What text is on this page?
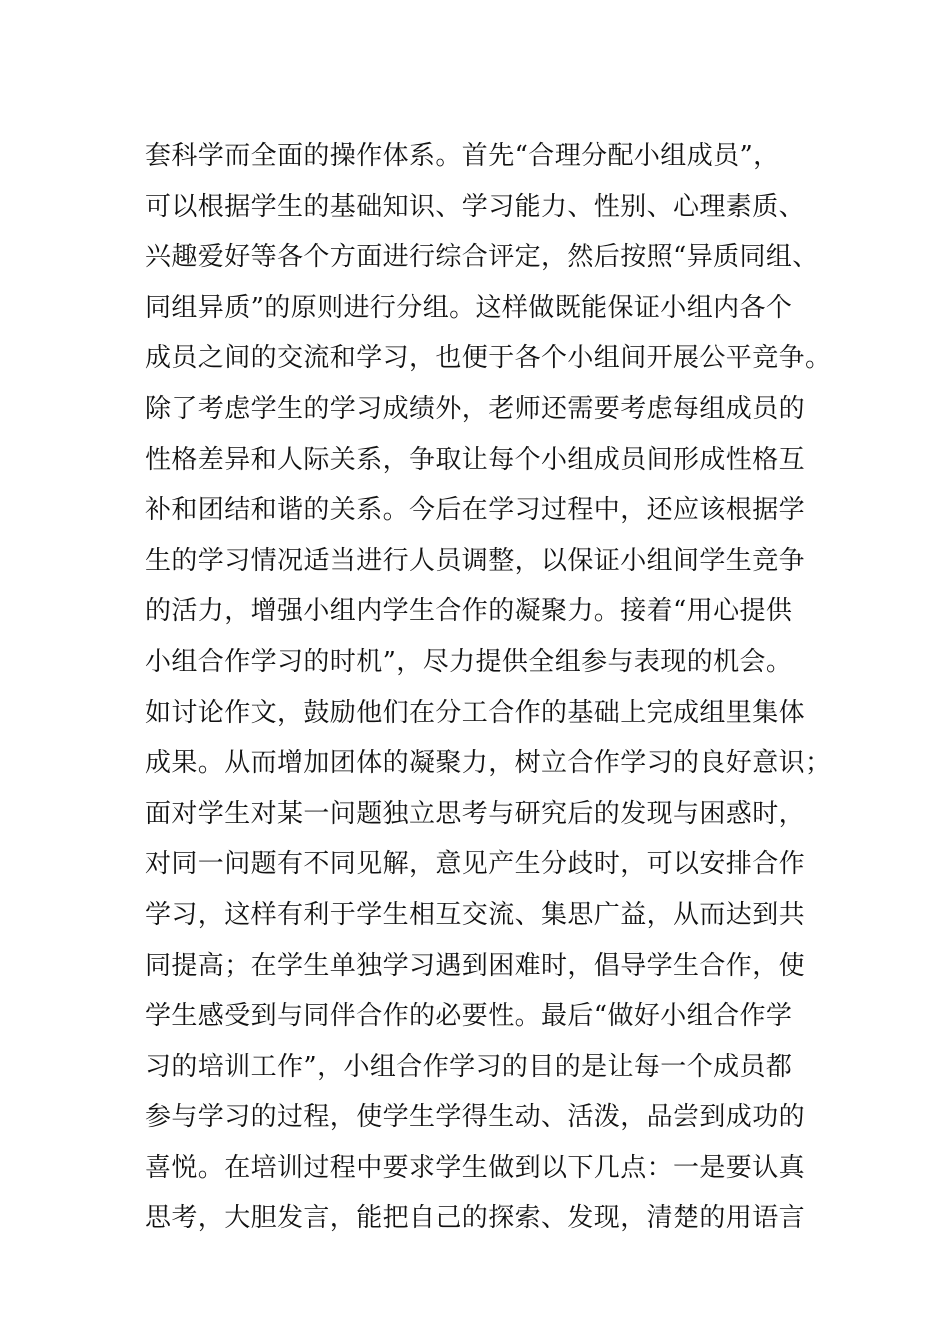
套科学而全面的操作体系。首先“合理分配小组成员”，
可以根据学生的基础知识、学习能力、性别、心理素质、
兴趣爱好等各个方面进行综合评定，然后按照“异质同组、
同组异质”的原则进行分组。这样做既能保证小组内各个
成员之间的交流和学习，也便于各个小组间开展公平竞争。
除了考虑学生的学习成绩外，老师还需要考虑每组成员的
性格差异和人际关系，争取让每个小组成员间形成性格互
补和团结和谐的关系。今后在学习过程中，还应该根据学
生的学习情况适当进行人员调整，以保证小组间学生竞争
的活力，增强小组内学生合作的凝聚力。接着“用心提供
小组合作学习的时机”，尽力提供全组参与表现的机会。
如讨论作文，鼓励他们在分工合作的基础上完成组里集体
成果。从而增加团体的凝聚力，树立合作学习的良好意识；
面对学生对某一问题独立思考与研究后的发现与困惑时，
对同一问题有不同见解，意见产生分歧时，可以安排合作
学习，这样有利于学生相互交流、集思广益，从而达到共
同提高；在学生单独学习遇到困难时，倡导学生合作，使
学生感受到与同伴合作的必要性。最后“做好小组合作学
习的培训工作”，小组合作学习的目的是让每一个成员都
参与学习的过程，使学生学得生动、活泼，品尝到成功的
喜悦。在培训过程中要求学生做到以下几点：一是要认真
思考，大胆发言，能把自己的探索、发现，清楚的用语言
